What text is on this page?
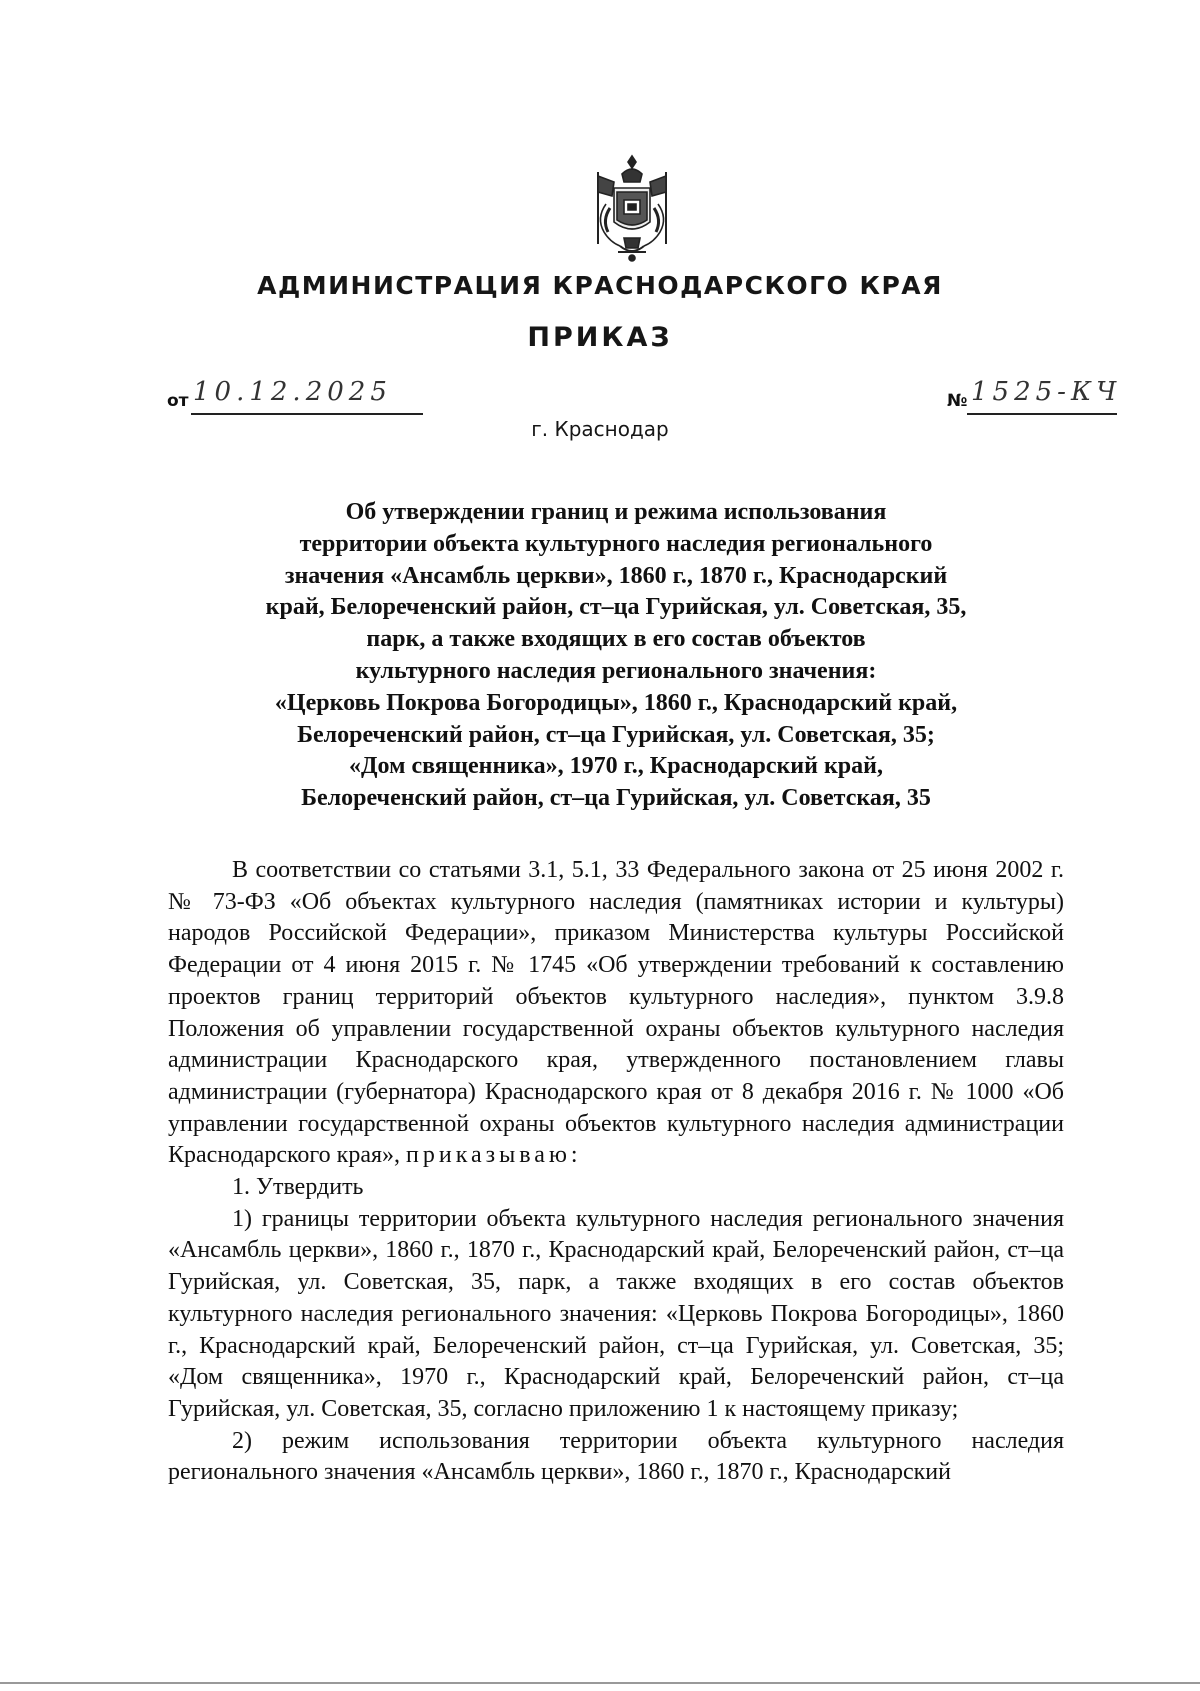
АДМИНИСТРАЦИЯ КРАСНОДАРСКОГО КРАЯ
ПРИКАЗ
от 10.12.2025	№ 1525-КЧ
г. Краснодар
Об утверждении границ и режима использования
территории объекта культурного наследия регионального
значения «Ансамбль церкви», 1860 г., 1870 г., Краснодарский
край, Белореченский район, ст–ца Гурийская, ул. Советская, 35,
парк, а также входящих в его состав объектов
культурного наследия регионального значения:
«Церковь Покрова Богородицы», 1860 г., Краснодарский край,
Белореченский район, ст–ца Гурийская, ул. Советская, 35;
«Дом священника», 1970 г., Краснодарский край,
Белореченский район, ст–ца Гурийская, ул. Советская, 35

В соответствии со статьями 3.1, 5.1, 33 Федерального закона от 25 июня 2002 г. № 73-ФЗ «Об объектах культурного наследия (памятниках истории и культуры) народов Российской Федерации», приказом Министерства культуры Российской Федерации от 4 июня 2015 г. № 1745 «Об утверждении требований к составлению проектов границ территорий объектов культурного наследия», пунктом 3.9.8 Положения об управлении государственной охраны объектов культурного наследия администрации Краснодарского края, утвержденного постановлением главы администрации (губернатора) Краснодарского края от 8 декабря 2016 г. № 1000 «Об управлении государственной охраны объектов культурного наследия администрации Краснодарского края», приказываю:

1. Утвердить

1) границы территории объекта культурного наследия регионального значения «Ансамбль церкви», 1860 г., 1870 г., Краснодарский край, Белореченский район, ст–ца Гурийская, ул. Советская, 35, парк, а также входящих в его состав объектов культурного наследия регионального значения: «Церковь Покрова Богородицы», 1860 г., Краснодарский край, Белореченский район, ст–ца Гурийская, ул. Советская, 35; «Дом священника», 1970 г., Краснодарский край, Белореченский район, ст–ца Гурийская, ул. Советская, 35, согласно приложению 1 к настоящему приказу;

2) режим использования территории объекта культурного наследия регионального значения «Ансамбль церкви», 1860 г., 1870 г., Краснодарский
